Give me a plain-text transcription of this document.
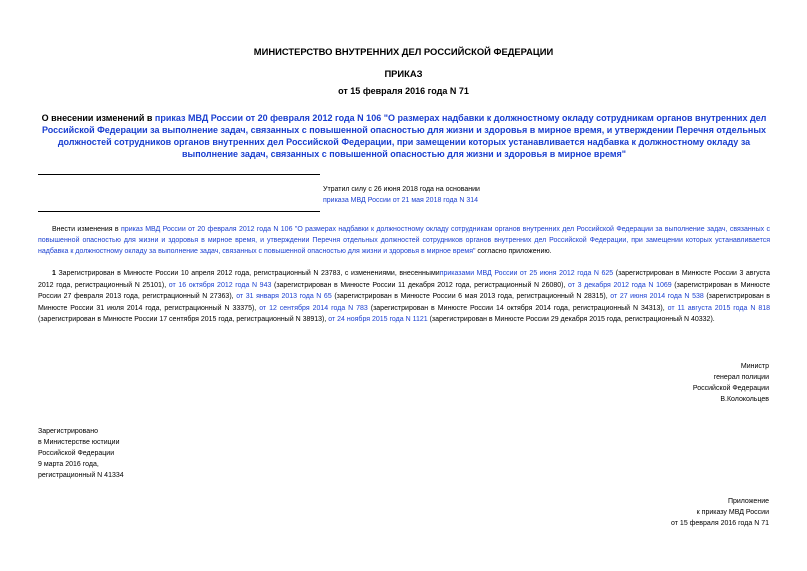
МИНИСТЕРСТВО ВНУТРЕННИХ ДЕЛ РОССИЙСКОЙ ФЕДЕРАЦИИ
ПРИКАЗ
от 15 февраля 2016 года N 71
О внесении изменений в приказ МВД России от 20 февраля 2012 года N 106 "О размерах надбавки к должностному окладу сотрудникам органов внутренних дел Российской Федерации за выполнение задач, связанных с повышенной опасностью для жизни и здоровья в мирное время, и утверждении Перечня отдельных должностей сотрудников органов внутренних дел Российской Федерации, при замещении которых устанавливается надбавка к должностному окладу за выполнение задач, связанных с повышенной опасностью для жизни и здоровья в мирное время"
Утратил силу с 26 июня 2018 года на основании
приказа МВД России от 21 мая 2018 года N 314
Внести изменения в приказ МВД России от 20 февраля 2012 года N 106 "О размерах надбавки к должностному окладу сотрудникам органов внутренних дел Российской Федерации за выполнение задач, связанных с повышенной опасностью для жизни и здоровья в мирное время, и утверждении Перечня отдельных должностей сотрудников органов внутренних дел Российской Федерации, при замещении которых устанавливается надбавка к должностному окладу за выполнение задач, связанных с повышенной опасностью для жизни и здоровья в мирное время" согласно приложению.
1 Зарегистрирован в Минюсте России 10 апреля 2012 года, регистрационный N 23783, с изменениями, внесеннымиприказами МВД России от 25 июня 2012 года N 625 (зарегистрирован в Минюсте России 3 августа 2012 года, регистрационный N 25101), от 16 октября 2012 года N 943 (зарегистрирован в Минюсте России 11 декабря 2012 года, регистрационный N 26080), от 3 декабря 2012 года N 1069 (зарегистрирован в Минюсте России 27 февраля 2013 года, регистрационный N 27363), от 31 января 2013 года N 65 (зарегистрирован в Минюсте России 6 мая 2013 года, регистрационный N 28315), от 27 июня 2014 года N 538 (зарегистрирован в Минюсте России 31 июля 2014 года, регистрационный N 33375), от 12 сентября 2014 года N 783 (зарегистрирован в Минюсте России 14 октября 2014 года, регистрационный N 34313), от 11 августа 2015 года N 818 (зарегистрирован в Минюсте России 17 сентября 2015 года, регистрационный N 38913), от 24 ноября 2015 года N 1121 (зарегистрирован в Минюсте России 29 декабря 2015 года, регистрационный N 40332).
Министр
генерал полиции
Российской Федерации
В.Колокольцев
Зарегистрировано
в Министерстве юстиции
Российской Федерации
9 марта 2016 года,
регистрационный N 41334
Приложение
к приказу МВД России
от 15 февраля 2016 года N 71
